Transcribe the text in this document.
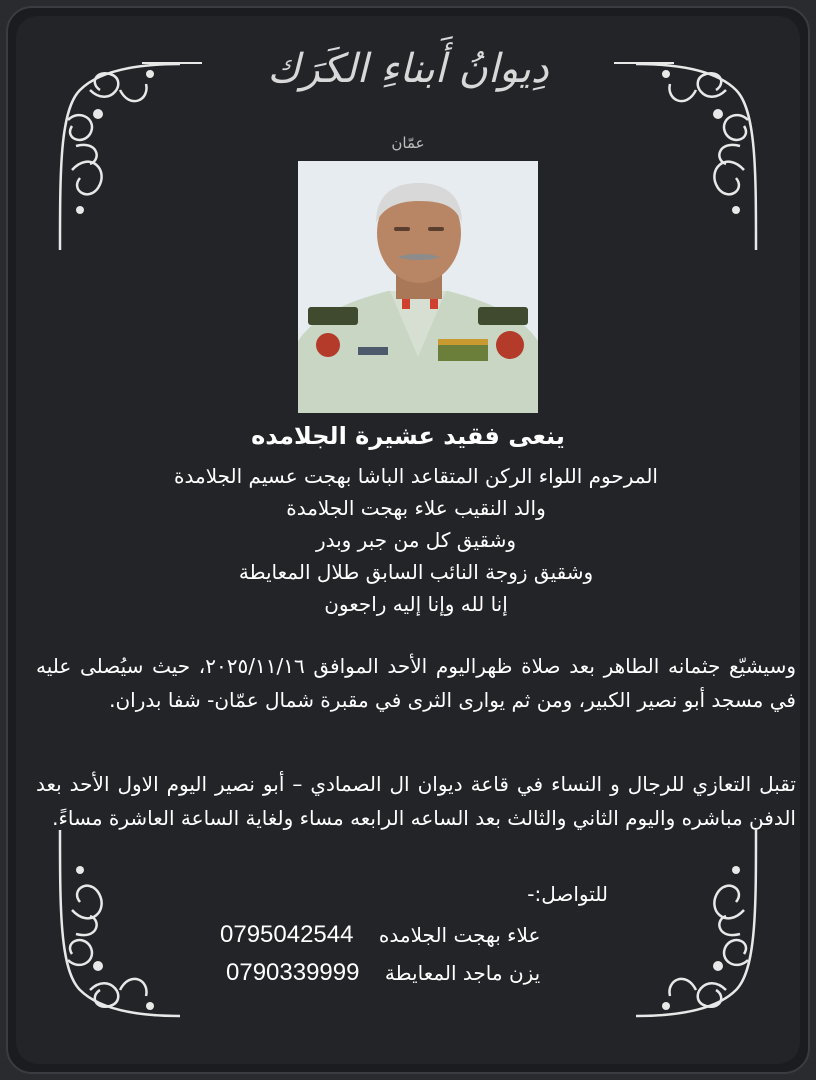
دِيوانُ أَبناءِ الكَرَك
عمّان
ينعى فقيد عشيرة الجلامده
المرحوم اللواء الركن المتقاعد الباشا بهجت عسيم الجلامدة
والد النقيب علاء بهجت الجلامدة
وشقيق كل من جبر وبدر
وشقيق زوجة النائب السابق طلال المعايطة
إنا لله وإنا إليه راجعون
وسيشيّع جثمانه الطاهر بعد صلاة ظهراليوم الأحد الموافق ٢٠٢٥/١١/١٦، حيث سيُصلى عليه في مسجد أبو نصير الكبير، ومن ثم يوارى الثرى في مقبرة شمال عمّان- شفا بدران.
تقبل التعازي للرجال و النساء في قاعة ديوان ال الصمادي – أبو نصير اليوم الاول الأحد بعد الدفن مباشره واليوم الثاني والثالث بعد الساعه الرابعه مساء ولغاية الساعة العاشرة مساءً.
للتواصل:-
علاء بهجت الجلامده    0795042544
يزن ماجد المعايطة    0790339999
